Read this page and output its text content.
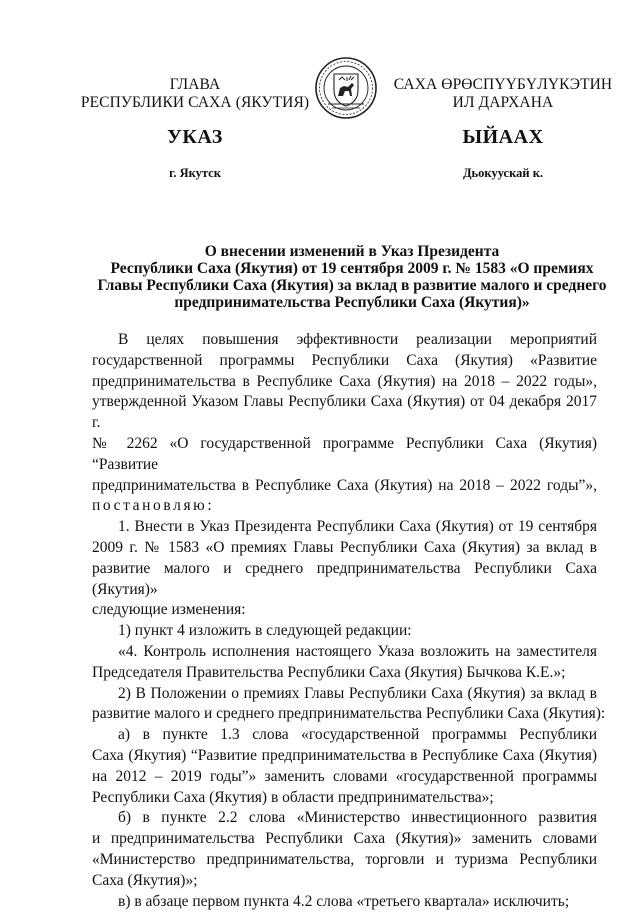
ГЛАВА
РЕСПУБЛИКИ САХА (ЯКУТИЯ)
САХА ӨРӨСПҮҮБҮЛҮКЭТИН
ИЛ ДАРХАНА
УКАЗ	ЫЙААХ
г. Якутск	Дьокуускай к.
О внесении изменений в Указ Президента
Республики Саха (Якутия) от 19 сентября 2009 г. № 1583 «О премиях
Главы Республики Саха (Якутия) за вклад в развитие малого и среднего
предпринимательства Республики Саха (Якутия)»
В целях повышения эффективности реализации мероприятий
государственной программы Республики Саха (Якутия) «Развитие
предпринимательства в Республике Саха (Якутия) на 2018 – 2022 годы»,
утвержденной Указом Главы Республики Саха (Якутия) от 04 декабря 2017 г.
№ 2262 «О государственной программе Республики Саха (Якутия) “Развитие
предпринимательства в Республике Саха (Якутия) на 2018 – 2022 годы”»,
постановляю:
1. Внести в Указ Президента Республики Саха (Якутия) от 19 сентября
2009 г. № 1583 «О премиях Главы Республики Саха (Якутия) за вклад в
развитие малого и среднего предпринимательства Республики Саха (Якутия)»
следующие изменения:
1) пункт 4 изложить в следующей редакции:
«4. Контроль исполнения настоящего Указа возложить на заместителя
Председателя Правительства Республики Саха (Якутия) Бычкова К.Е.»;
2) В Положении о премиях Главы Республики Саха (Якутия) за вклад в
развитие малого и среднего предпринимательства Республики Саха (Якутия):
а) в пункте 1.3 слова «государственной программы Республики
Саха (Якутия) “Развитие предпринимательства в Республике Саха (Якутия)
на 2012 – 2019 годы”» заменить словами «государственной программы
Республики Саха (Якутия) в области предпринимательства»;
б) в пункте 2.2 слова «Министерство инвестиционного развития
и предпринимательства Республики Саха (Якутия)» заменить словами
«Министерство предпринимательства, торговли и туризма Республики
Саха (Якутия)»;
в) в абзаце первом пункта 4.2 слова «третьего квартала» исключить;
